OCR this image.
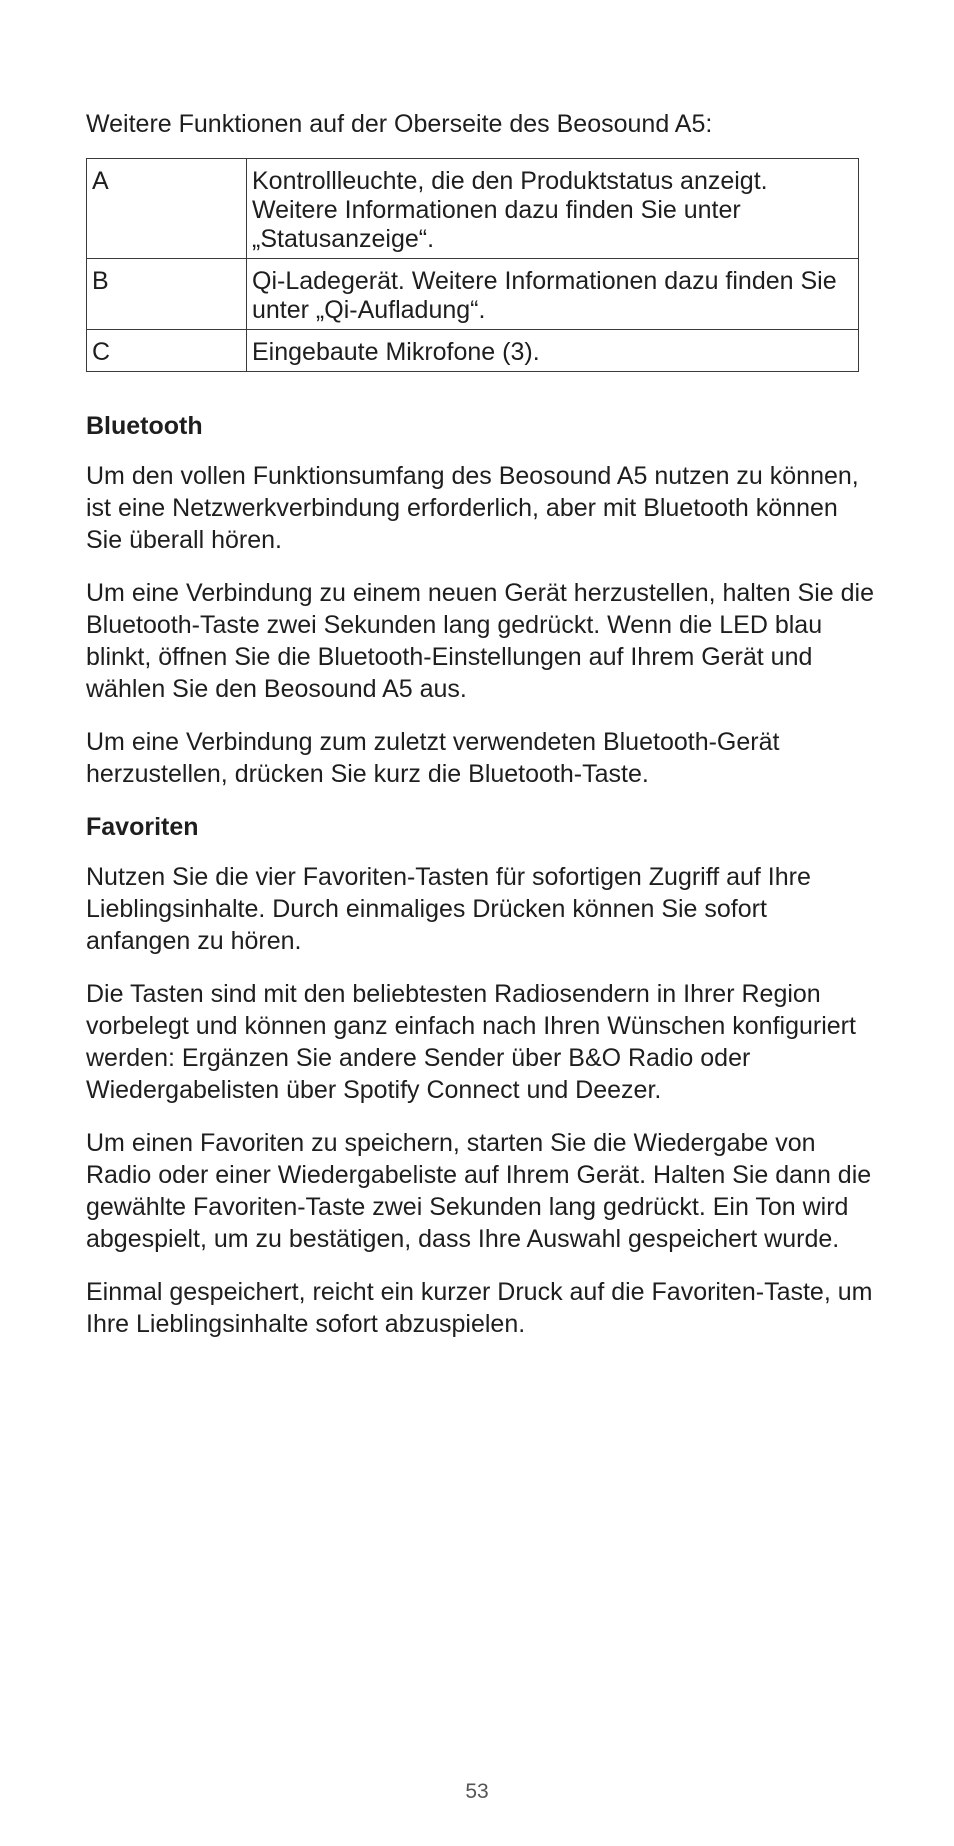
Weitere Funktionen auf der Oberseite des Beosound A5:

A	Kontrollleuchte, die den Produktstatus anzeigt. Weitere Informationen dazu finden Sie unter „Statusanzeige“.
B	Qi-Ladegerät. Weitere Informationen dazu finden Sie unter „Qi-Aufladung“.
C	Eingebaute Mikrofone (3).
Bluetooth

Um den vollen Funktionsumfang des Beosound A5 nutzen zu können, ist eine Netzwerkverbindung erforderlich, aber mit Bluetooth können Sie überall hören.

Um eine Verbindung zu einem neuen Gerät herzustellen, halten Sie die Bluetooth-Taste zwei Sekunden lang gedrückt. Wenn die LED blau blinkt, öffnen Sie die Bluetooth-Einstellungen auf Ihrem Gerät und wählen Sie den Beosound A5 aus.

Um eine Verbindung zum zuletzt verwendeten Bluetooth-Gerät herzustellen, drücken Sie kurz die Bluetooth-Taste.

Favoriten

Nutzen Sie die vier Favoriten-Tasten für sofortigen Zugriff auf Ihre Lieblingsinhalte. Durch einmaliges Drücken können Sie sofort anfangen zu hören.

Die Tasten sind mit den beliebtesten Radiosendern in Ihrer Region vorbelegt und können ganz einfach nach Ihren Wünschen konfiguriert werden: Ergänzen Sie andere Sender über B&O Radio oder Wiedergabelisten über Spotify Connect und Deezer.

Um einen Favoriten zu speichern, starten Sie die Wiedergabe von Radio oder einer Wiedergabeliste auf Ihrem Gerät. Halten Sie dann die gewählte Favoriten-Taste zwei Sekunden lang gedrückt. Ein Ton wird abgespielt, um zu bestätigen, dass Ihre Auswahl gespeichert wurde.

Einmal gespeichert, reicht ein kurzer Druck auf die Favoriten-Taste, um Ihre Lieblingsinhalte sofort abzuspielen.

53
